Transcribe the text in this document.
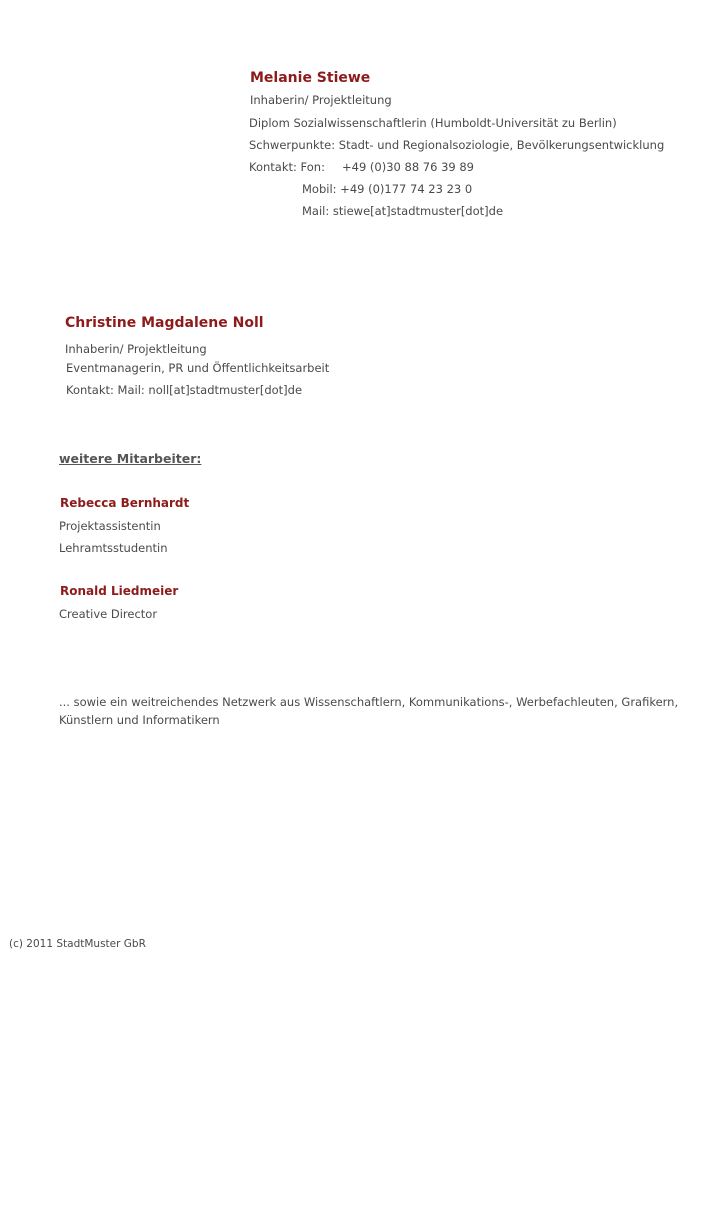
Melanie Stiewe
Inhaberin/ Projektleitung
Diplom Sozialwissenschaftlerin (Humboldt-Universität zu Berlin)
Schwerpunkte: Stadt- und Regionalsoziologie, Bevölkerungsentwicklung
Kontakt: Fon: +49 (0)30 88 76 39 89
Mobil: +49 (0)177 74 23 23 0
Mail: stiewe[at]stadtmuster[dot]de
Christine Magdalene Noll
Inhaberin/ Projektleitung
Eventmanagerin, PR und Öffentlichkeitsarbeit
Kontakt: Mail: noll[at]stadtmuster[dot]de
weitere Mitarbeiter:
Rebecca Bernhardt
Projektassistentin
Lehramtsstudentin
Ronald Liedmeier
Creative Director
... sowie ein weitreichendes Netzwerk aus Wissenschaftlern, Kommunikations-, Werbefachleuten, Grafikern,
Künstlern und Informatikern
(c) 2011 StadtMuster GbR
